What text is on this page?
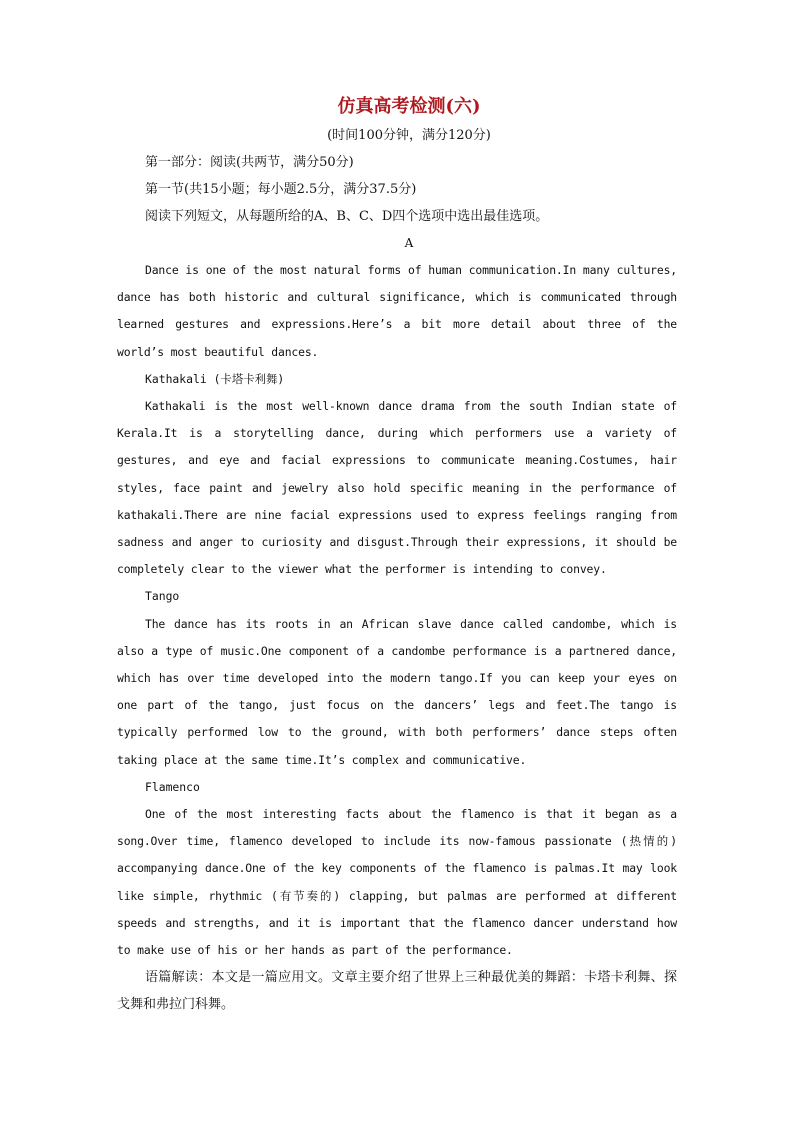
仿真高考检测(六)

(时间100分钟，满分120分)

第一部分：阅读(共两节，满分50分)

第一节(共15小题；每小题2.5分，满分37.5分)

阅读下列短文，从每题所给的A、B、C、D四个选项中选出最佳选项。

A

Dance is one of the most natural forms of human communication.In many cultures, dance has both historic and cultural significance, which is communicated through learned gestures and expressions.Here’s a bit more detail about three of the world’s most beautiful dances.

Kathakali (卡塔卡利舞)

Kathakali is the most well-known dance drama from the south Indian state of Kerala.It is a storytelling dance, during which performers use a variety of gestures, and eye and facial expressions to communicate meaning.Costumes, hair styles, face paint and jewelry also hold specific meaning in the performance of kathakali.There are nine facial expressions used to express feelings ranging from sadness and anger to curiosity and disgust.Through their expressions, it should be completely clear to the viewer what the performer is intending to convey.

Tango

The dance has its roots in an African slave dance called candombe, which is also a type of music.One component of a candombe performance is a partnered dance, which has over time developed into the modern tango.If you can keep your eyes on one part of the tango, just focus on the dancers’ legs and feet.The tango is typically performed low to the ground, with both performers’ dance steps often taking place at the same time.It’s complex and communicative.

Flamenco

One of the most interesting facts about the flamenco is that it began as a song.Over time, flamenco developed to include its now-famous passionate (热情的) accompanying dance.One of the key components of the flamenco is palmas.It may look like simple, rhythmic (有节奏的) clapping, but palmas are performed at different speeds and strengths, and it is important that the flamenco dancer understand how to make use of his or her hands as part of the performance.

语篇解读：本文是一篇应用文。文章主要介绍了世界上三种最优美的舞蹈：卡塔卡利舞、探戈舞和弗拉门科舞。
